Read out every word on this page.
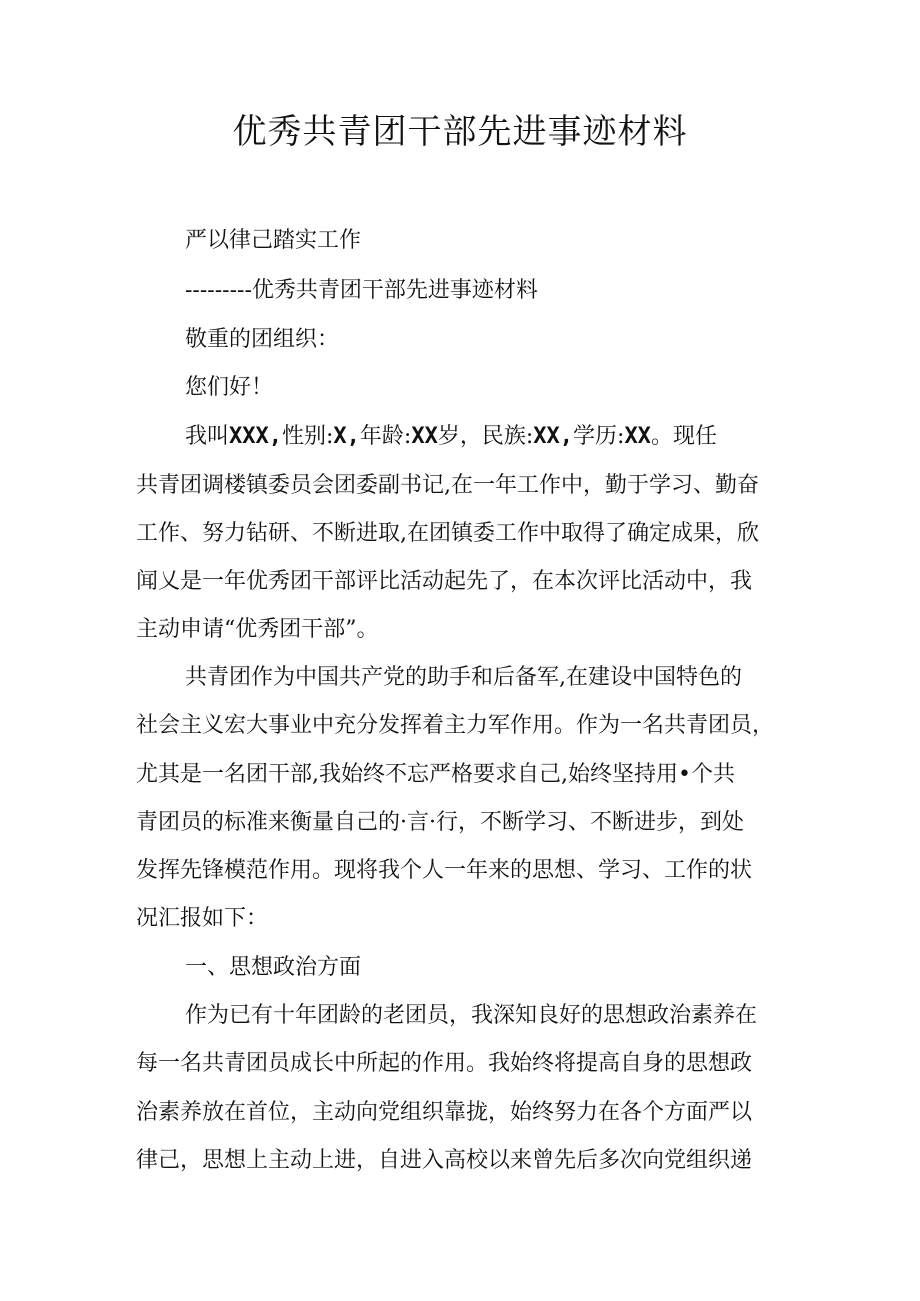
优秀共青团干部先进事迹材料
严以律己踏实工作
---------优秀共青团干部先进事迹材料
敬重的团组织：
您们好！
我叫XXX,性别:X,年龄:XX岁，民族:XX,学历:XX。现任
共青团调楼镇委员会团委副书记,在一年工作中，勤于学习、勤奋
工作、努力钻研、不断进取,在团镇委工作中取得了确定成果，欣
闻乂是一年优秀团干部评比活动起先了，在本次评比活动中，我
主动申请“优秀团干部”。
共青团作为中国共产党的助手和后备军,在建设中国特色的
社会主义宏大事业中充分发挥着主力军作用。作为一名共青团员，
尤其是一名团干部,我始终不忘严格要求自己,始终坚持用•个共
青团员的标准来衡量自己的·言·行，不断学习、不断进步，到处
发挥先锋模范作用。现将我个人一年来的思想、学习、工作的状
况汇报如下：
一、思想政治方面
作为已有十年团龄的老团员，我深知良好的思想政治素养在
每一名共青团员成长中所起的作用。我始终将提高自身的思想政
治素养放在首位，主动向党组织靠拢，始终努力在各个方面严以
律己，思想上主动上进，自进入高校以来曾先后多次向党组织递
